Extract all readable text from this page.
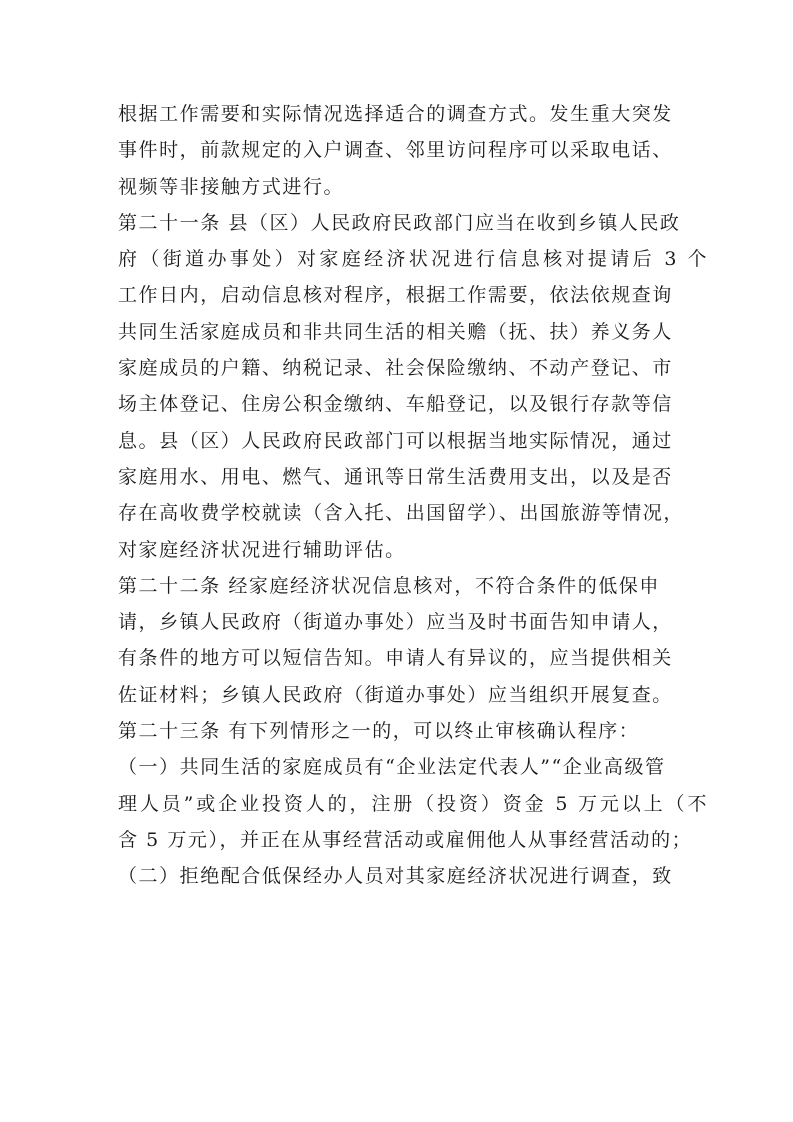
根据工作需要和实际情况选择适合的调查方式。发生重大突发
事件时，前款规定的入户调查、邻里访问程序可以采取电话、
视频等非接触方式进行。
第二十一条 县（区）人民政府民政部门应当在收到乡镇人民政
府（街道办事处）对家庭经济状况进行信息核对提请后 3 个
工作日内，启动信息核对程序，根据工作需要，依法依规查询
共同生活家庭成员和非共同生活的相关赡（抚、扶）养义务人
家庭成员的户籍、纳税记录、社会保险缴纳、不动产登记、市
场主体登记、住房公积金缴纳、车船登记，以及银行存款等信
息。县（区）人民政府民政部门可以根据当地实际情况，通过
家庭用水、用电、燃气、通讯等日常生活费用支出，以及是否
存在高收费学校就读（含入托、出国留学）、出国旅游等情况，
对家庭经济状况进行辅助评估。
第二十二条 经家庭经济状况信息核对，不符合条件的低保申
请，乡镇人民政府（街道办事处）应当及时书面告知申请人，
有条件的地方可以短信告知。申请人有异议的，应当提供相关
佐证材料；乡镇人民政府（街道办事处）应当组织开展复查。
第二十三条 有下列情形之一的，可以终止审核确认程序：
（一）共同生活的家庭成员有“企业法定代表人”“企业高级管
理人员”或企业投资人的，注册（投资）资金 5 万元以上（不
含 5 万元），并正在从事经营活动或雇佣他人从事经营活动的；
（二）拒绝配合低保经办人员对其家庭经济状况进行调查，致
